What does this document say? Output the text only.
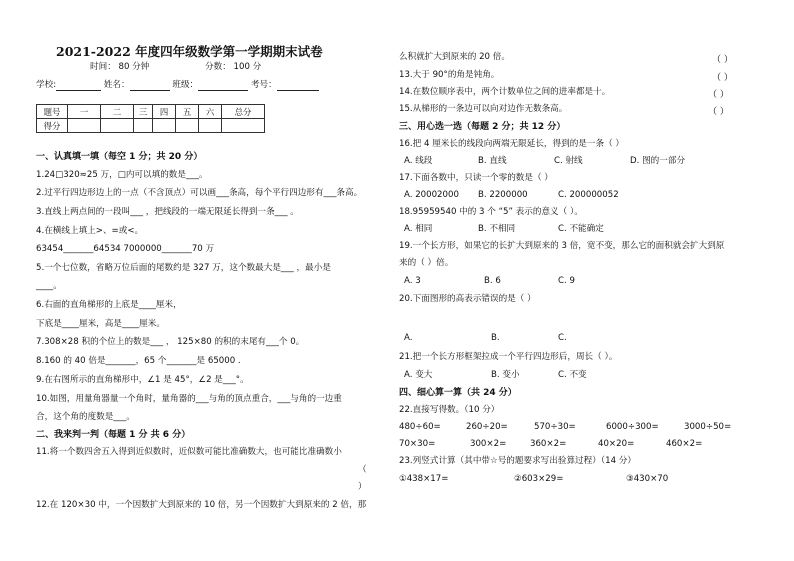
2021-2022 年度四年级数学第一学期期末试卷
时间： 80 分钟	分数： 100 分
学校:	姓名：	班级：	考号：
题号	一	二	三	四	五	六	总分
得分							
一、认真填一填（每空 1 分；共 20 分）
1.24□320≈25 万，□内可以填的数是___。
2.过平行四边形边上的一点（不含顶点）可以画___条高，每个平行四边形有___条高。
3.直线上两点间的一段叫___ ，把线段的一端无限延长得到一条___ 。
4.在横线上填上>、=或<。
63454_______64534 7000000_______70 万
5.一个七位数，省略万位后面的尾数约是 327 万，这个数最大是___ ，最小是
____。
6.右面的直角梯形的上底是____厘米，
下底是____厘米，高是____厘米。
7.308×28 积的个位上的数是___ ， 125×80 的积的末尾有___个 0。
8.160 的 40 倍是_______，65 个_______是 65000 .
9.在右图所示的直角梯形中，∠1 是 45°，∠2 是___°。
10.如图，用量角器量一个角时，量角器的___与角的顶点重合，___与角的一边重
合，这个角的度数是___。
二、我来判一判（每题 1 分 共 6 分）
11.将一个数四舍五入得到近似数时，近似数可能比准确数大，也可能比准确数小
（
）
12.在 120×30 中，一个因数扩大到原来的 10 倍，另一个因数扩大到原来的 2 倍，那
么积就扩大到原来的 20 倍。	（ ）
13.大于 90°的角是钝角。	（ ）
14.在数位顺序表中，两个计数单位之间的进率都是十。	（ ）
15.从梯形的一条边可以向对边作无数条高。	（ ）
三、用心选一选（每题 2 分；共 12 分）
16.把 4 厘米长的线段向两端无限延长，得到的是一条（ ）
A. 线段	B. 直线	C. 射线	D. 图的一部分
17.下面各数中，只读一个零的数是（ ）
A. 20002000 B. 2200000	C. 200000052
18.95959540 中的 3 个 “5” 表示的意义（ ）。
A. 相同	B. 不相同	C. 不能确定
19.一个长方形，如果它的长扩大到原来的 3 倍，宽不变，那么它的面积就会扩大到原
来的（ ）倍。
A. 3	B. 6	C. 9
20.下面图形的高表示错误的是（ ）
A.	B.	C.
21.把一个长方形框架拉成一个平行四边形后，周长（ ）。
A. 变大	B. 变小	C. 不变
四、细心算一算（共 24 分）
22.直接写得数。（10 分）
480÷60=	260÷20=	570÷30=	6000÷300=	3000÷50=
70×30=	300×2=	360×2=	40×20=	460×2=
23.列竖式计算（其中带☆号的题要求写出验算过程）（14 分）
①438×17=	②603×29=	③430×70
